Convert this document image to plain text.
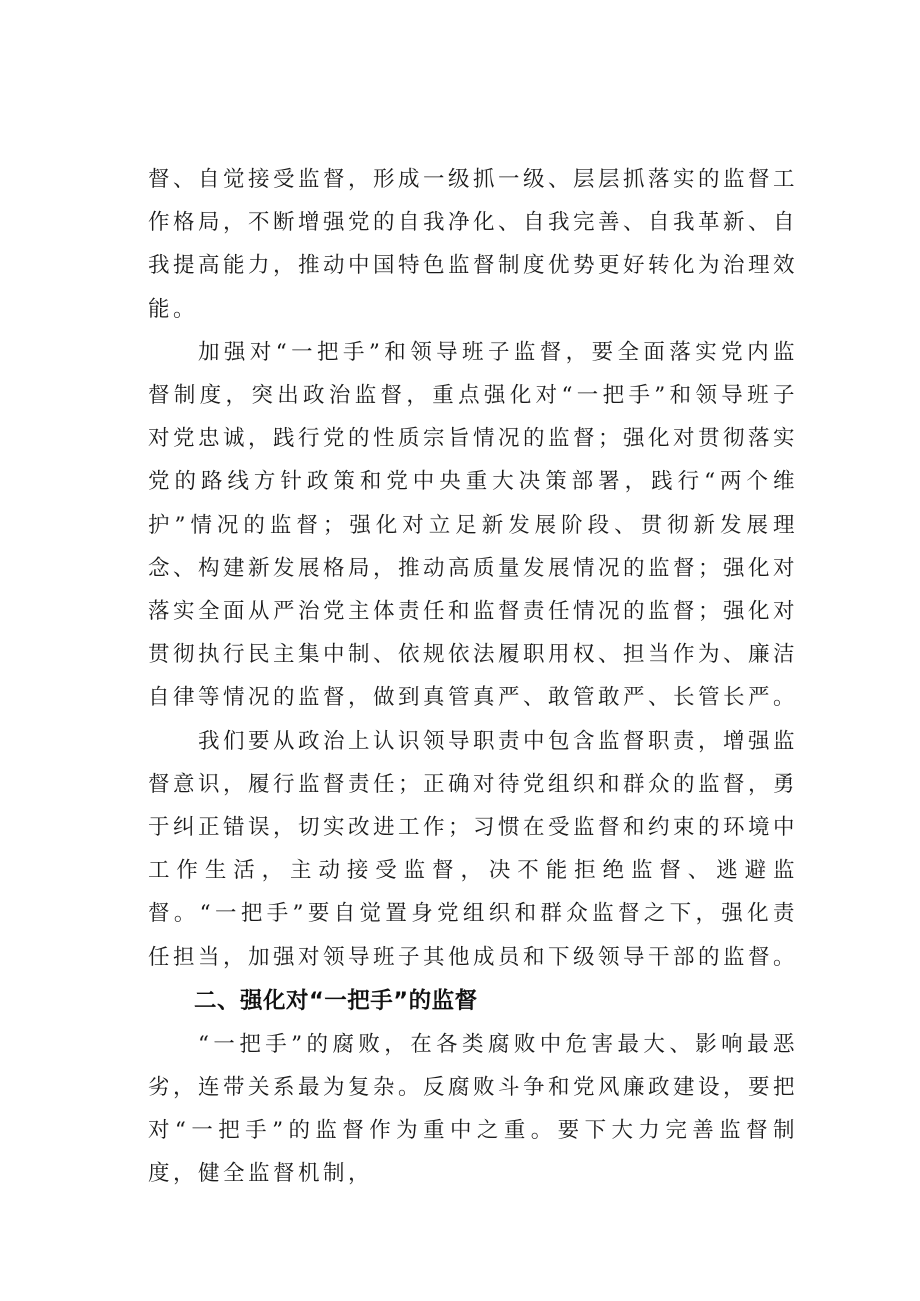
督、自觉接受监督，形成一级抓一级、层层抓落实的监督工作格局，不断增强党的自我净化、自我完善、自我革新、自我提高能力，推动中国特色监督制度优势更好转化为治理效能。

加强对“一把手”和领导班子监督，要全面落实党内监督制度，突出政治监督，重点强化对“一把手”和领导班子对党忠诚，践行党的性质宗旨情况的监督；强化对贯彻落实党的路线方针政策和党中央重大决策部署，践行“两个维护”情况的监督；强化对立足新发展阶段、贯彻新发展理念、构建新发展格局，推动高质量发展情况的监督；强化对落实全面从严治党主体责任和监督责任情况的监督；强化对贯彻执行民主集中制、依规依法履职用权、担当作为、廉洁自律等情况的监督，做到真管真严、敢管敢严、长管长严。

我们要从政治上认识领导职责中包含监督职责，增强监督意识，履行监督责任；正确对待党组织和群众的监督，勇于纠正错误，切实改进工作；习惯在受监督和约束的环境中工作生活，主动接受监督，决不能拒绝监督、逃避监督。“一把手”要自觉置身党组织和群众监督之下，强化责任担当，加强对领导班子其他成员和下级领导干部的监督。

二、强化对“一把手”的监督

“一把手”的腐败，在各类腐败中危害最大、影响最恶劣，连带关系最为复杂。反腐败斗争和党风廉政建设，要把对“一把手”的监督作为重中之重。要下大力完善监督制度，健全监督机制，
